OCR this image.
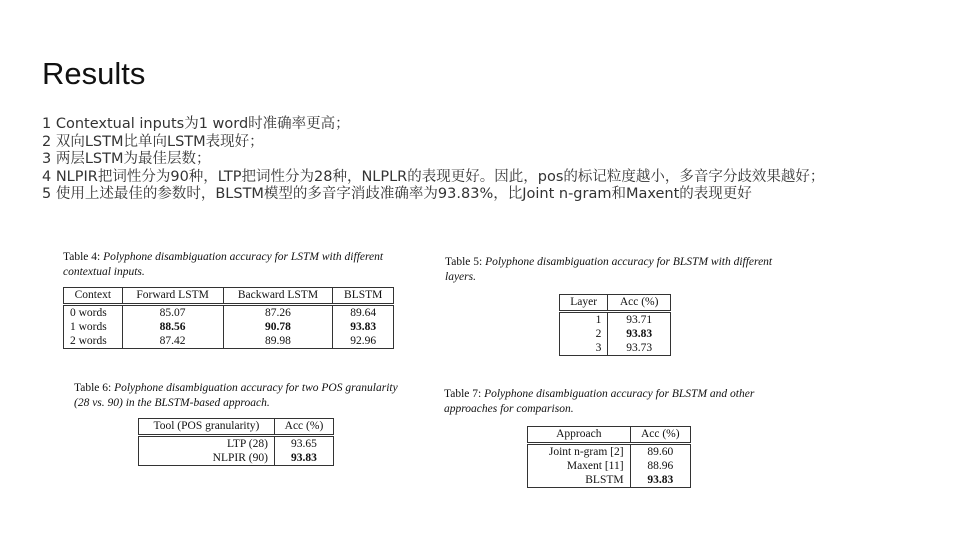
Results
1 Contextual inputs为1 word时准确率更高；
2 双向LSTM比单向LSTM表现好；
3 两层LSTM为最佳层数；
4 NLPIR把词性分为90种，LTP把词性分为28种，NLPLR的表现更好。因此，pos的标记粒度越小，多音字分歧效果越好；
5 使用上述最佳的参数时，BLSTM模型的多音字消歧准确率为93.83%，比Joint n-gram和Maxent的表现更好
Table 4: Polyphone disambiguation accuracy for LSTM with different contextual inputs.
Context	Forward LSTM	Backward LSTM	BLSTM
0 words	85.07	87.26	89.64
1 words	88.56	90.78	93.83
2 words	87.42	89.98	92.96
Table 5: Polyphone disambiguation accuracy for BLSTM with different layers.
Layer	Acc (%)
1	93.71
2	93.83
3	93.73
Table 6: Polyphone disambiguation accuracy for two POS granularity (28 vs. 90) in the BLSTM-based approach.
Tool (POS granularity)	Acc (%)
LTP (28)	93.65
NLPIR (90)	93.83
Table 7: Polyphone disambiguation accuracy for BLSTM and other approaches for comparison.
Approach	Acc (%)
Joint n-gram [2]	89.60
Maxent [11]	88.96
BLSTM	93.83
